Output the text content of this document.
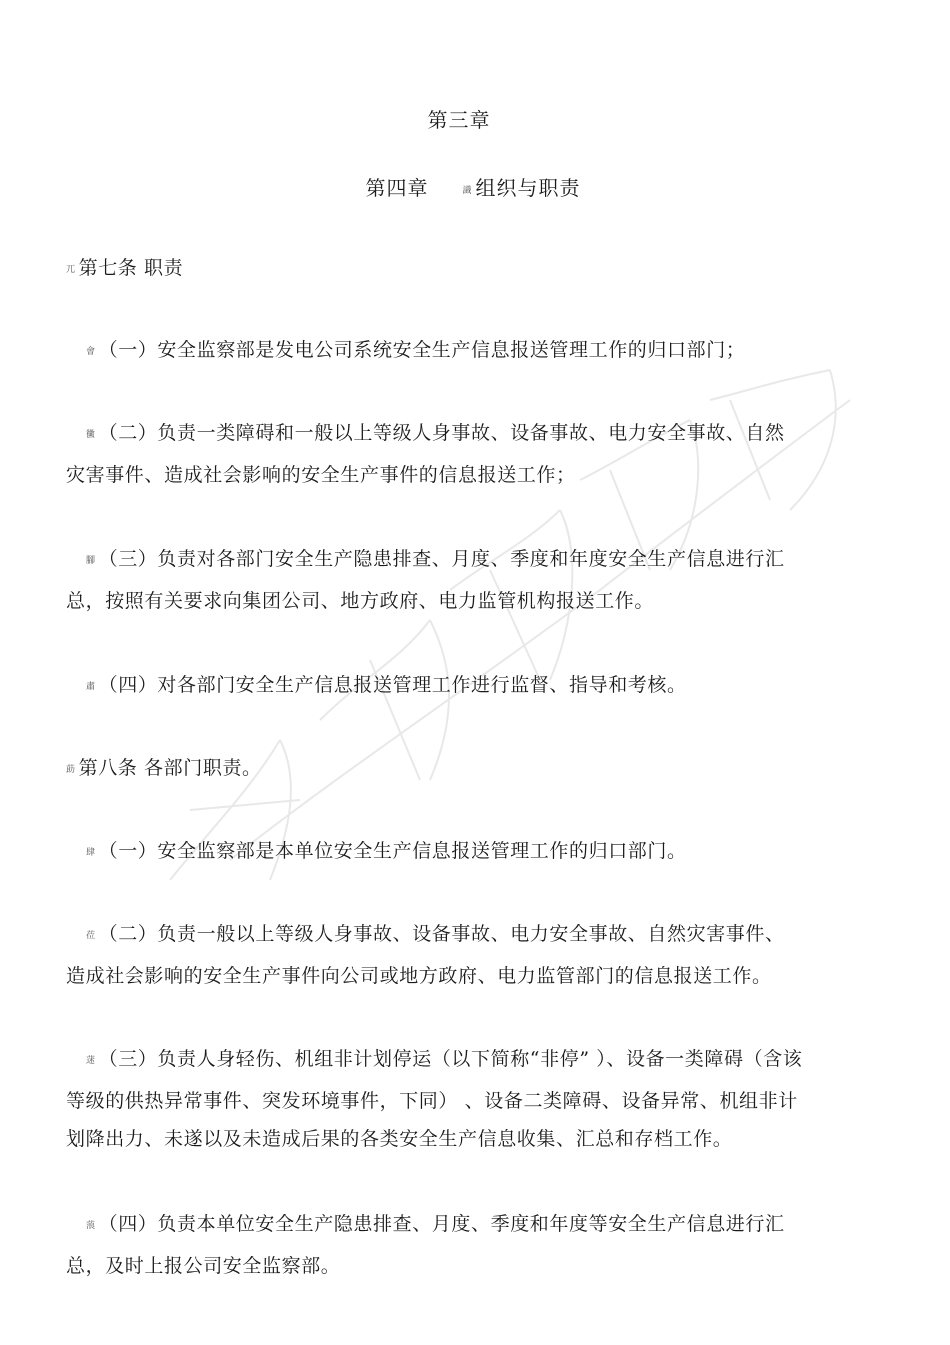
第三章
第四章	識 组织与职责
兀 第七条 职责
會 （一）安全监察部是发电公司系统安全生产信息报送管理工作的归口部门；
黴 （二）负责一类障碍和一般以上等级人身事故、设备事故、电力安全事故、自然
灾害事件、造成社会影响的安全生产事件的信息报送工作；
腳 （三）负责对各部门安全生产隐患排查、月度、季度和年度安全生产信息进行汇
总，按照有关要求向集团公司、地方政府、电力监管机构报送工作。
肅 （四）对各部门安全生产信息报送管理工作进行监督、指导和考核。
莇 第八条 各部门职责。
肆 （一）安全监察部是本单位安全生产信息报送管理工作的归口部门。
莅 （二）负责一般以上等级人身事故、设备事故、电力安全事故、自然灾害事件、
造成社会影响的安全生产事件向公司或地方政府、电力监管部门的信息报送工作。
蒁 （三）负责人身轻伤、机组非计划停运（以下简称“非停” ）、设备一类障碍（含该
等级的供热异常事件、突发环境事件，下同） 、设备二类障碍、设备异常、机组非计
划降出力、未遂以及未造成后果的各类安全生产信息收集、汇总和存档工作。
蒗 （四）负责本单位安全生产隐患排查、月度、季度和年度等安全生产信息进行汇
总，及时上报公司安全监察部。
